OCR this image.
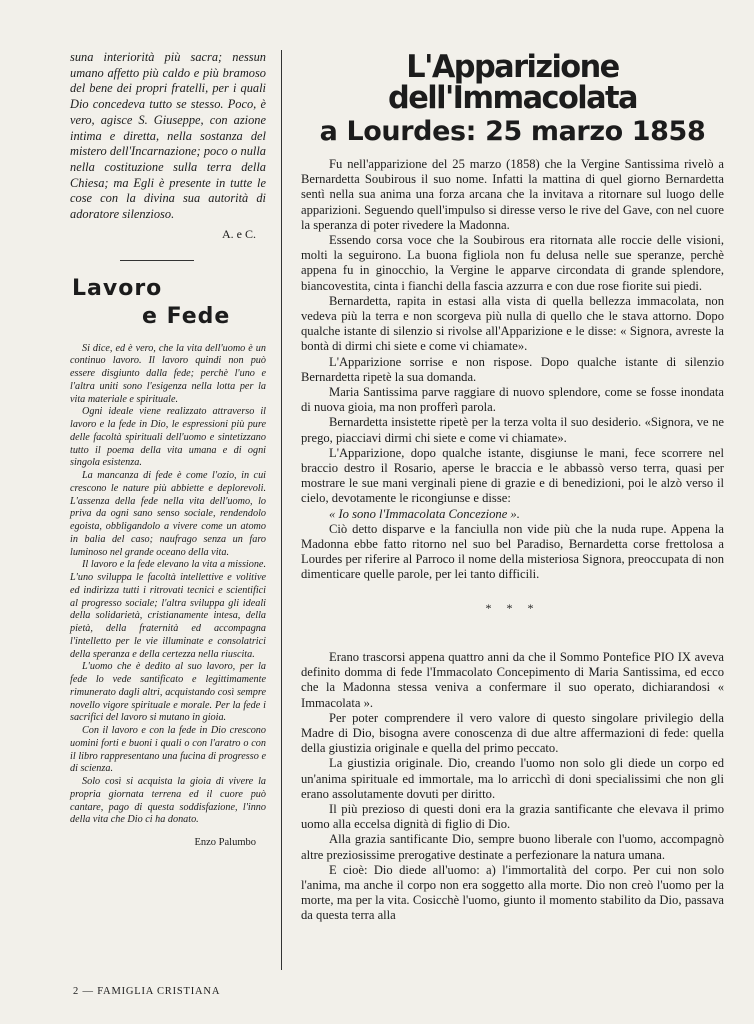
suna interiorità più sacra; nessun umano affetto più caldo e più bramoso del bene dei propri fratelli, per i quali Dio concedeva tutto se stesso. Poco, è vero, agisce S. Giuseppe, con azione intima e diretta, nella sostanza del mistero dell'Incarnazione; poco o nulla nella costituzione sulla terra della Chiesa; ma Egli è presente in tutte le cose con la divina sua autorità di adoratore silenzioso.

A. e C.
Lavoro
e Fede

Si dice, ed è vero, che la vita dell'uomo è un continuo lavoro. Il lavoro quindi non può essere disgiunto dalla fede; perchè l'uno e l'altra uniti sono l'esigenza nella lotta per la vita materiale e spirituale.

Ogni ideale viene realizzato attraverso il lavoro e la fede in Dio, le espressioni più pure delle facoltà spirituali dell'uomo e sintetizzano tutto il poema della vita umana e di ogni singola esistenza.

La mancanza di fede è come l'ozio, in cui crescono le nature più abbiette e deplorevoli. L'assenza della fede nella vita dell'uomo, lo priva da ogni sano senso sociale, rendendolo egoista, obbligandolo a vivere come un atomo in balia del caso; naufrago senza un faro luminoso nel grande oceano della vita.

Il lavoro e la fede elevano la vita a missione. L'uno sviluppa le facoltà intellettive e volitive ed indirizza tutti i ritrovati tecnici e scientifici al progresso sociale; l'altra sviluppa gli ideali della solidarietà, cristianamente intesa, della pietà, della fraternità ed accompagna l'intelletto per le vie illuminate e consolatrici della speranza e della certezza nella riuscita.

L'uomo che è dedito al suo lavoro, per la fede lo vede santificato e legittimamente rimunerato dagli altri, acquistando così sempre novello vigore spirituale e morale. Per la fede i sacrifici del lavoro si mutano in gioia.

Con il lavoro e con la fede in Dio crescono uomini forti e buoni i quali o con l'aratro o con il libro rappresentano una fucina di progresso e di scienza.

Solo così si acquista la gioia di vivere la propria giornata terrena ed il cuore può cantare, pago di questa soddisfazione, l'inno della vita che Dio ci ha donato.

Enzo Palumbo
L'Apparizione dell'Immacolata
a Lourdes: 25 marzo 1858

Fu nell'apparizione del 25 marzo (1858) che la Vergine Santissima rivelò a Bernardetta Soubirous il suo nome. Infatti la mattina di quel giorno Bernardetta sentì nella sua anima una forza arcana che la invitava a ritornare sul luogo delle apparizioni. Seguendo quell'impulso si diresse verso le rive del Gave, con nel cuore la speranza di poter rivedere la Madonna.

Essendo corsa voce che la Soubirous era ritornata alle roccie delle visioni, molti la seguirono. La buona figliola non fu delusa nelle sue speranze, perchè appena fu in ginocchio, la Vergine le apparve circondata di grande splendore, biancovestita, cinta i fianchi della fascia azzurra e con due rose fiorite sui piedi.

Bernardetta, rapita in estasi alla vista di quella bellezza immacolata, non vedeva più la terra e non scorgeva più nulla di quello che le stava attorno. Dopo qualche istante di silenzio si rivolse all'Apparizione e le disse: « Signora, avreste la bontà di dirmi chi siete e come vi chiamate».

L'Apparizione sorrise e non rispose. Dopo qualche istante di silenzio Bernardetta ripetè la sua domanda.

Maria Santissima parve raggiare di nuovo splendore, come se fosse inondata di nuova gioia, ma non profferì parola.

Bernardetta insistette ripetè per la terza volta il suo desiderio. «Signora, ve ne prego, piacciavi dirmi chi siete e come vi chiamate».

L'Apparizione, dopo qualche istante, disgiunse le mani, fece scorrere nel braccio destro il Rosario, aperse le braccia e le abbassò verso terra, quasi per mostrare le sue mani verginali piene di grazie e di benedizioni, poi le alzò verso il cielo, devotamente le ricongiunse e disse:

« Io sono l'Immacolata Concezione ».

Ciò detto disparve e la fanciulla non vide più che la nuda rupe. Appena la Madonna ebbe fatto ritorno nel suo bel Paradiso, Bernardetta corse frettolosa a Lourdes per riferire al Parroco il nome della misteriosa Signora, preoccupata di non dimenticare quelle parole, per lei tanto difficili.

* * *

Erano trascorsi appena quattro anni da che il Sommo Pontefice PIO IX aveva definito domma di fede l'Immacolato Concepimento di Maria Santissima, ed ecco che la Madonna stessa veniva a confermare il suo operato, dichiarandosi « Immacolata ».

Per poter comprendere il vero valore di questo singolare privilegio della Madre di Dio, bisogna avere conoscenza di due altre affermazioni di fede: quella della giustizia originale e quella del primo peccato.

La giustizia originale. Dio, creando l'uomo non solo gli diede un corpo ed un'anima spirituale ed immortale, ma lo arricchì di doni specialissimi che non gli erano assolutamente dovuti per diritto.

Il più prezioso di questi doni era la grazia santificante che elevava il primo uomo alla eccelsa dignità di figlio di Dio.

Alla grazia santificante Dio, sempre buono liberale con l'uomo, accompagnò altre preziosissime prerogative destinate a perfezionare la natura umana.

E cioè: Dio diede all'uomo: a) l'immortalità del corpo. Per cui non solo l'anima, ma anche il corpo non era soggetto alla morte. Dio non creò l'uomo per la morte, ma per la vita. Cosicchè l'uomo, giunto il momento stabilito da Dio, passava da questa terra alla

2 — FAMIGLIA CRISTIANA
